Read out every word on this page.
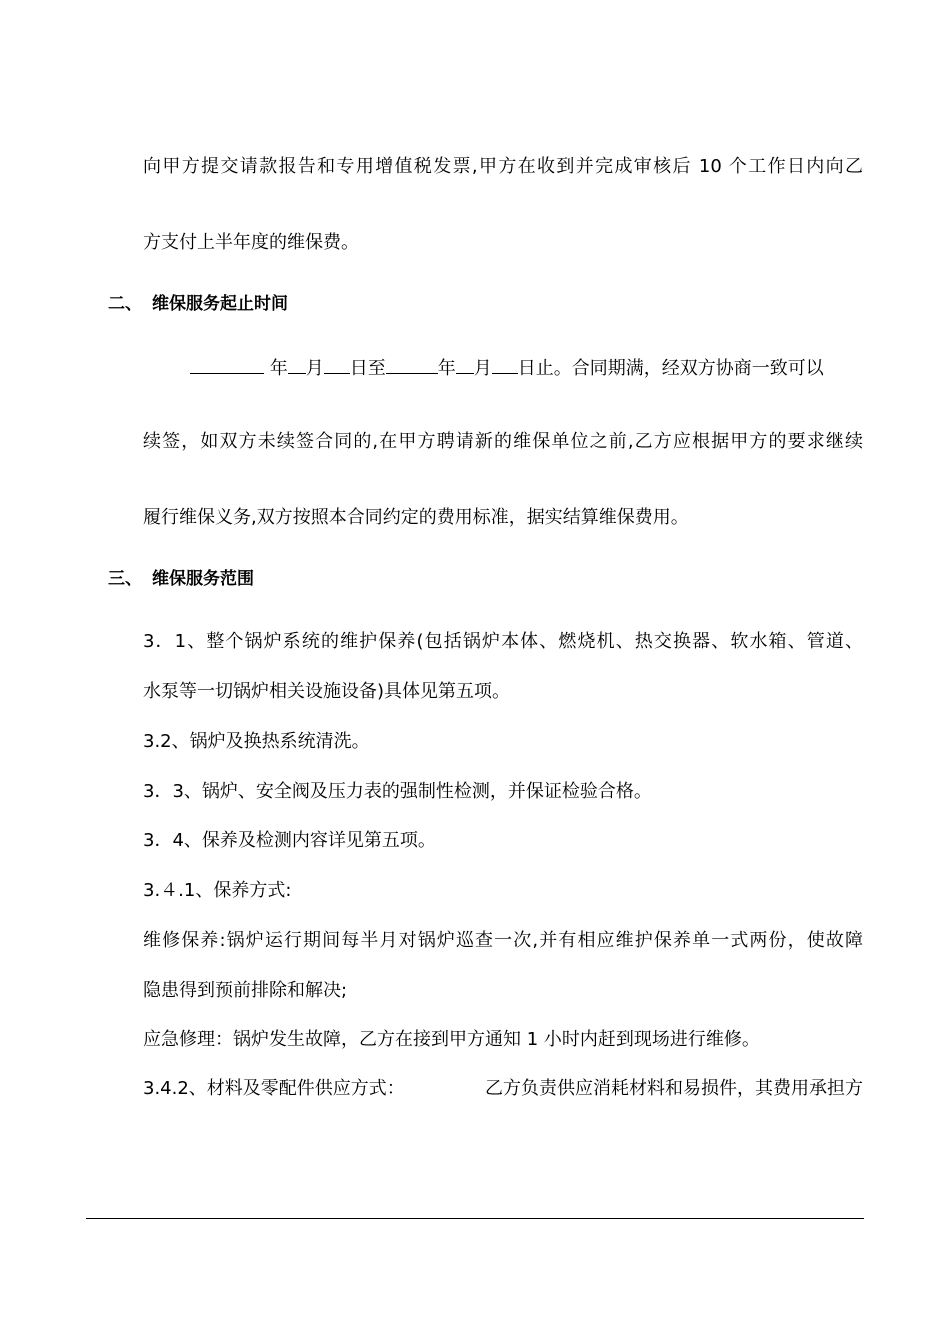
向甲方提交请款报告和专用增值税发票,甲方在收到并完成审核后 10 个工作日内向乙
方支付上半年度的维保费。
二、 维保服务起止时间
年 月 日至	年 月 日止。合同期满，经双方协商一致可以
续签，如双方未续签合同的,在甲方聘请新的维保单位之前,乙方应根据甲方的要求继续
履行维保义务,双方按照本合同约定的费用标准，据实结算维保费用。
三、 维保服务范围
3．1、整个锅炉系统的维护保养(包括锅炉本体、燃烧机、热交换器、软水箱、管道、
水泵等一切锅炉相关设施设备)具体见第五项。
3.2、锅炉及换热系统清洗。
3．3、锅炉、安全阀及压力表的强制性检测，并保证检验合格。
3．4、保养及检测内容详见第五项。
3.４.1、保养方式:
维修保养:锅炉运行期间每半月对锅炉巡查一次,并有相应维护保养单一式两份，使故障
隐患得到预前排除和解决;
应急修理：锅炉发生故障，乙方在接到甲方通知 1 小时内赶到现场进行维修。
3.4.2、材料及零配件供应方式：	乙方负责供应消耗材料和易损件，其费用承担方
